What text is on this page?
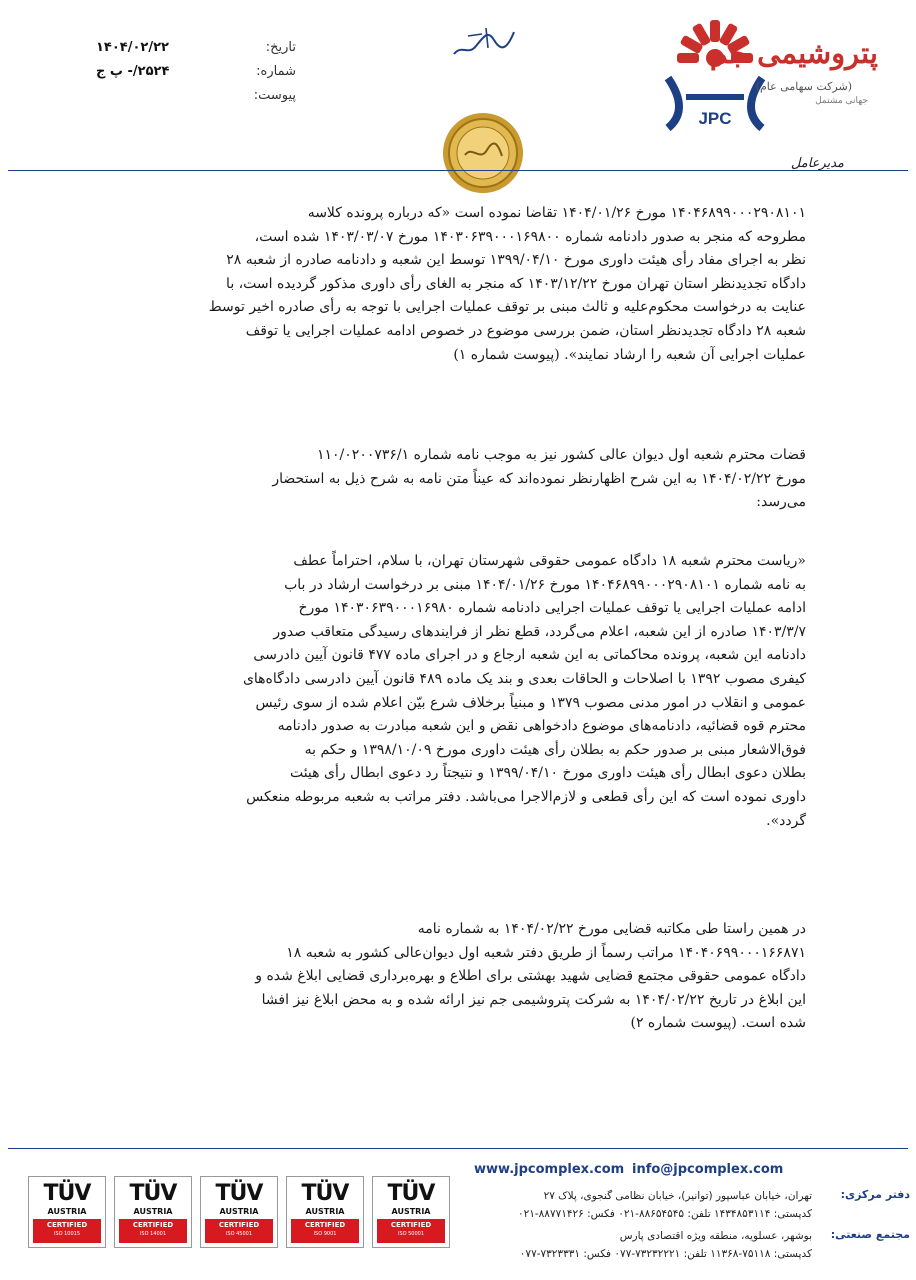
JPC
پتروشیمی جم
(شرکت سهامی عام)
جهانی مشتمل
تاریخ:
شماره:
پیوست:
۱۴۰۴/۰۲/۲۲
۲۵۲۴/- پ ج
مدیرعامل

۱۴۰۴۶۸۹۹۰۰۰۲۹۰۸۱۰۱ مورخ ۱۴۰۴/۰۱/۲۶ تقاضا نموده است «که درباره پرونده کلاسه
مطروحه که منجر به صدور دادنامه شماره ۱۴۰۳۰۶۳۹۰۰۰۱۶۹۸۰۰ مورخ ۱۴۰۳/۰۳/۰۷ شده است،
نظر به اجرای مفاد رأی هیئت داوری مورخ ۱۳۹۹/۰۴/۱۰ توسط این شعبه و دادنامه صادره از شعبه ۲۸
دادگاه تجدیدنظر استان تهران مورخ ۱۴۰۳/۱۲/۲۲ که منجر به الغای رأی داوری مذکور گردیده است، با
عنایت به درخواست محکوم‌علیه و ثالث مبنی بر توقف عملیات اجرایی با توجه به رأی صادره اخیر توسط
شعبه ۲۸ دادگاه تجدیدنظر استان، ضمن بررسی موضوع در خصوص ادامه عملیات اجرایی یا توقف
عملیات اجرایی آن شعبه را ارشاد نمایند». (پیوست شماره ۱)

قضات محترم شعبه اول دیوان عالی کشور نیز به موجب نامه شماره ۱۱۰/۰۲۰۰۷۳۶/۱
مورخ ۱۴۰۴/۰۲/۲۲ به این شرح اظهارنظر نموده‌اند که عیناً متن نامه به شرح ذیل به استحضار
می‌رسد:

«ریاست محترم شعبه ۱۸ دادگاه عمومی حقوقی شهرستان تهران، با سلام، احتراماً عطف
به نامه شماره ۱۴۰۴۶۸۹۹۰۰۰۲۹۰۸۱۰۱ مورخ ۱۴۰۴/۰۱/۲۶ مبنی بر درخواست ارشاد در باب
ادامه عملیات اجرایی یا توقف عملیات اجرایی دادنامه شماره ۱۴۰۳۰۶۳۹۰۰۰۱۶۹۸۰ مورخ
۱۴۰۳/۳/۷ صادره از این شعبه، اعلام می‌گردد، قطع نظر از فرایندهای رسیدگی متعاقب صدور
دادنامه این شعبه، پرونده محاکماتی به این شعبه ارجاع و در اجرای ماده ۴۷۷ قانون آیین دادرسی
کیفری مصوب ۱۳۹۲ با اصلاحات و الحاقات بعدی و بند یک ماده ۴۸۹ قانون آیین دادرسی دادگاه‌های
عمومی و انقلاب در امور مدنی مصوب ۱۳۷۹ و مبنیاً برخلاف شرع بیّن اعلام شده از سوی رئیس
محترم قوه قضائیه، دادنامه‌های موضوع دادخواهی نقض و این شعبه مبادرت به صدور دادنامه
فوق‌الاشعار مبنی بر صدور حکم به بطلان رأی هیئت داوری مورخ ۱۳۹۸/۱۰/۰۹ و حکم به
بطلان دعوی ابطال رأی هیئت داوری مورخ ۱۳۹۹/۰۴/۱۰ و نتیجتاً رد دعوی ابطال رأی هیئت
داوری نموده است که این رأی قطعی و لازم‌الاجرا می‌باشد. دفتر مراتب به شعبه مربوطه منعکس
گردد».

در همین راستا طی مکاتبه قضایی مورخ ۱۴۰۴/۰۲/۲۲ به شماره نامه
۱۴۰۴۰۶۹۹۰۰۰۱۶۶۸۷۱ مراتب رسماً از طریق دفتر شعبه اول دیوان‌عالی کشور به شعبه ۱۸
دادگاه عمومی حقوقی مجتمع قضایی شهید بهشتی برای اطلاع و بهره‌برداری قضایی ابلاغ شده و
این ابلاغ در تاریخ ۱۴۰۴/۰۲/۲۲ به شرکت پتروشیمی جم نیز ارائه شده و به محض ابلاغ نیز افشا
شده است. (پیوست شماره ۲)

www.jpcomplex.com info@jpcomplex.com
دفتر مرکزی:
تهران، خیابان عباسپور (توانیر)، خیابان نظامی گنجوی، پلاک ۲۷
کدپستی: ۱۴۳۴۸۵۳۱۱۴ تلفن: ۸۸۶۵۴۵۴۵-۰۲۱ فکس: ۸۸۷۷۱۴۲۶-۰۲۱
مجتمع صنعتی:
بوشهر، عسلویه، منطقه ویژه اقتصادی پارس
کدپستی: ۷۵۱۱۸-۱۱۳۶۸ تلفن: ۷۳۲۳۲۲۲۱-۰۷۷ فکس: ۷۳۲۳۳۳۱-۰۷۷
TÜV
AUSTRIA
CERTIFIED
ISO 10015
TÜV
AUSTRIA
CERTIFIED
ISO 14001
TÜV
AUSTRIA
CERTIFIED
ISO 45001
TÜV
AUSTRIA
CERTIFIED
ISO 9001
TÜV
AUSTRIA
CERTIFIED
ISO 50001
